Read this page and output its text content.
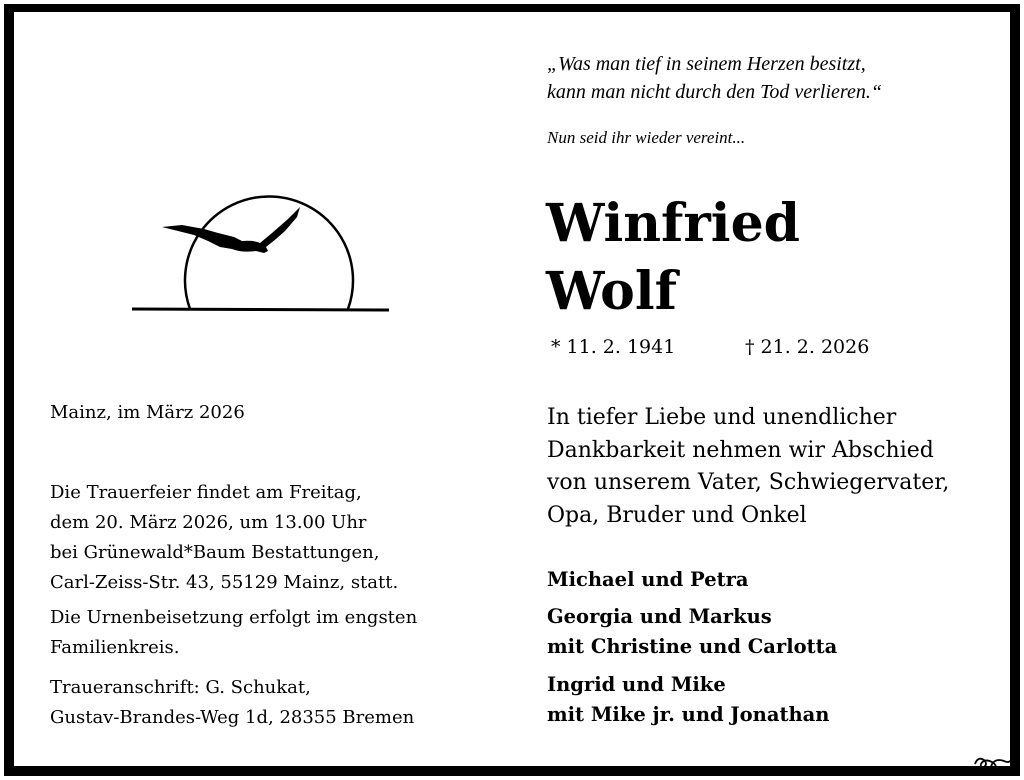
„Was man tief in seinem Herzen besitzt,
kann man nicht durch den Tod verlieren.“
Nun seid ihr wieder vereint...
Winfried
Wolf
* 11. 2. 1941	† 21. 2. 2026
Mainz, im März 2026
Die Trauerfeier findet am Freitag,
dem 20. März 2026, um 13.00 Uhr
bei Grünewald*Baum Bestattungen,
Carl-Zeiss-Str. 43, 55129 Mainz, statt.
Die Urnenbeisetzung erfolgt im engsten
Familienkreis.
Traueranschrift: G. Schukat,
Gustav-Brandes-Weg 1d, 28355 Bremen
In tiefer Liebe und unendlicher
Dankbarkeit nehmen wir Abschied
von unserem Vater, Schwiegervater,
Opa, Bruder und Onkel
Michael und Petra
Georgia und Markus
mit Christine und Carlotta
Ingrid und Mike
mit Mike jr. und Jonathan
